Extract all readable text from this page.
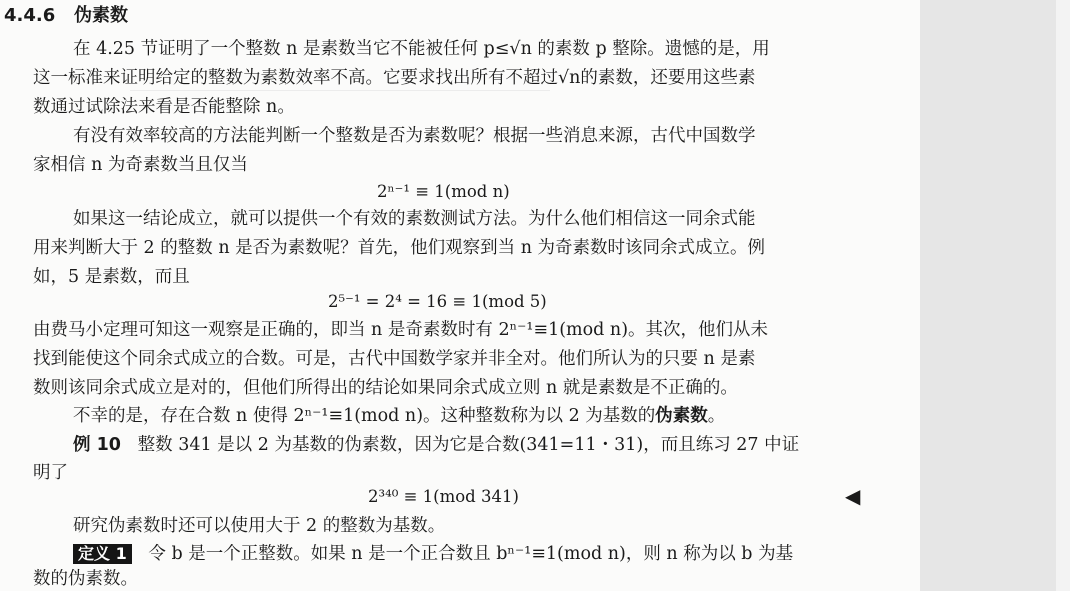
4.4.6 伪素数
在 4.25 节证明了一个整数 n 是素数当它不能被任何 p≤√n 的素数 p 整除。遗憾的是，用
这一标准来证明给定的整数为素数效率不高。它要求找出所有不超过√n的素数，还要用这些素
数通过试除法来看是否能整除 n。
有没有效率较高的方法能判断一个整数是否为素数呢？根据一些消息来源，古代中国数学
家相信 n 为奇素数当且仅当
2ⁿ⁻¹ ≡ 1(mod n)
如果这一结论成立，就可以提供一个有效的素数测试方法。为什么他们相信这一同余式能
用来判断大于 2 的整数 n 是否为素数呢？首先，他们观察到当 n 为奇素数时该同余式成立。例
如，5 是素数，而且
2⁵⁻¹ = 2⁴ = 16 ≡ 1(mod 5)
由费马小定理可知这一观察是正确的，即当 n 是奇素数时有 2ⁿ⁻¹≡1(mod n)。其次，他们从未
找到能使这个同余式成立的合数。可是，古代中国数学家并非全对。他们所认为的只要 n 是素
数则该同余式成立是对的，但他们所得出的结论如果同余式成立则 n 就是素数是不正确的。
不幸的是，存在合数 n 使得 2ⁿ⁻¹≡1(mod n)。这种整数称为以 2 为基数的伪素数。
例 10 整数 341 是以 2 为基数的伪素数，因为它是合数(341=11・31)，而且练习 27 中证
明了
2³⁴⁰ ≡ 1(mod 341)	◀
研究伪素数时还可以使用大于 2 的整数为基数。
定义 1 令 b 是一个正整数。如果 n 是一个正合数且 bⁿ⁻¹≡1(mod n)，则 n 称为以 b 为基
数的伪素数。
